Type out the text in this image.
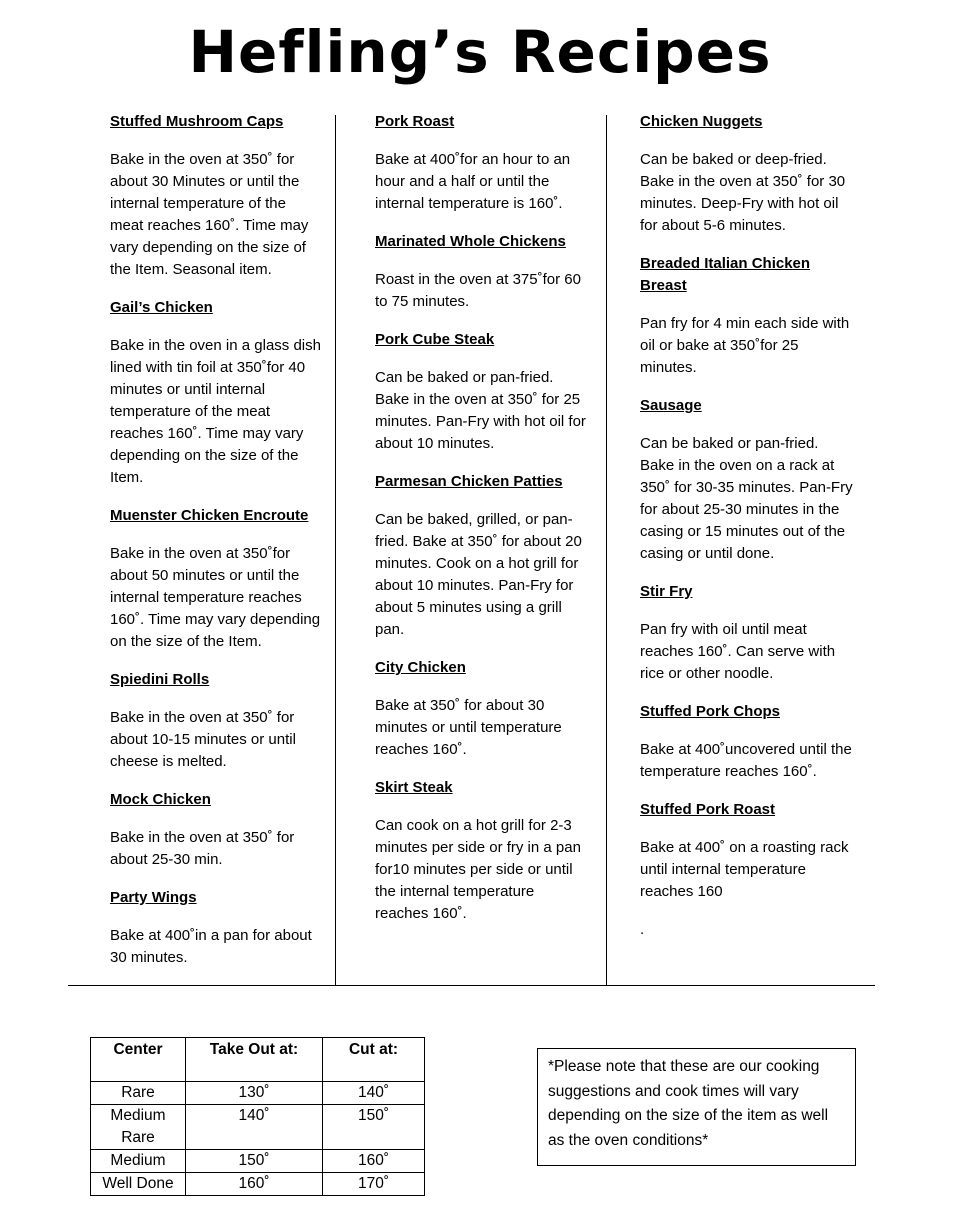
Hefling’s Recipes

Stuffed Mushroom Caps

Bake in the oven at 350˚ for about 30 Minutes or until the internal temperature of the meat reaches 160˚. Time may vary depending on the size of the Item. Seasonal item.

Gail’s Chicken

Bake in the oven in a glass dish lined with tin foil at 350˚for 40 minutes or until internal temperature of the meat reaches 160˚. Time may vary depending on the size of the Item.

Muenster Chicken Encroute

Bake in the oven at 350˚for about 50 minutes or until the internal temperature reaches 160˚. Time may vary depending on the size of the Item.

Spiedini Rolls

Bake in the oven at 350˚ for about 10-15 minutes or until cheese is melted.

Mock Chicken

Bake in the oven at 350˚ for about 25-30 min.

Party Wings

Bake at 400˚in a pan for about 30 minutes.

Pork Roast

Bake at 400˚for an hour to an hour and a half or until the internal temperature is 160˚.

Marinated Whole Chickens

Roast in the oven at 375˚for 60 to 75 minutes.

Pork Cube Steak

Can be baked or pan-fried. Bake in the oven at 350˚ for 25 minutes. Pan-Fry with hot oil for about 10 minutes.

Parmesan Chicken Patties

Can be baked, grilled, or pan-fried. Bake at 350˚ for about 20 minutes. Cook on a hot grill for about 10 minutes. Pan-Fry for about 5 minutes using a grill pan.

City Chicken

Bake at 350˚ for about 30 minutes or until temperature reaches 160˚.

Skirt Steak

Can cook on a hot grill for 2-3 minutes per side or fry in a pan for10 minutes per side or until the internal temperature reaches 160˚.

Chicken Nuggets

Can be baked or deep-fried. Bake in the oven at 350˚ for 30 minutes. Deep-Fry with hot oil for about 5-6 minutes.

Breaded Italian Chicken Breast

Pan fry for 4 min each side with oil or bake at 350˚for 25 minutes.

Sausage

Can be baked or pan-fried. Bake in the oven on a rack at 350˚ for 30-35 minutes. Pan-Fry for about 25-30 minutes in the casing or 15 minutes out of the casing or until done.

Stir Fry

Pan fry with oil until meat reaches 160˚. Can serve with rice or other noodle.

Stuffed Pork Chops

Bake at 400˚uncovered until the temperature reaches 160˚.

Stuffed Pork Roast

Bake at 400˚ on a roasting rack until internal temperature reaches 160

.

Center	Take Out at:	Cut at:
Rare	130˚	140˚
Medium Rare	140˚	150˚
Medium	150˚	160˚
Well Done	160˚	170˚
*Please note that these are our cooking suggestions and cook times will vary depending on the size of the item as well as the oven conditions*
